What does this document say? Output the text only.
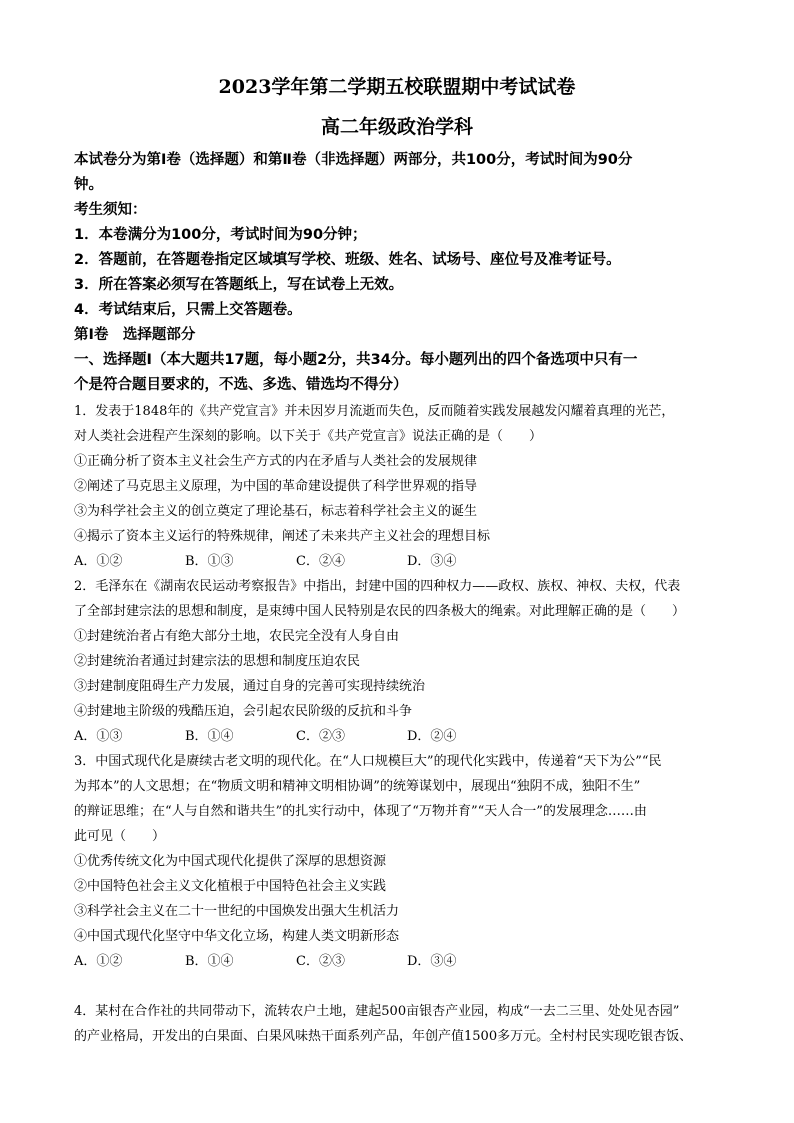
2023学年第二学期五校联盟期中考试试卷
高二年级政治学科
本试卷分为第Ⅰ卷（选择题）和第Ⅱ卷（非选择题）两部分，共100分，考试时间为90分
钟。
考生须知：
1．本卷满分为100分，考试时间为90分钟；
2．答题前，在答题卷指定区域填写学校、班级、姓名、试场号、座位号及准考证号。
3．所在答案必须写在答题纸上，写在试卷上无效。
4．考试结束后，只需上交答题卷。
第Ⅰ卷　选择题部分
一、选择题Ⅰ（本大题共17题，每小题2分，共34分。每小题列出的四个备选项中只有一
个是符合题目要求的，不选、多选、错选均不得分）
1．发表于1848年的《共产党宣言》并未因岁月流逝而失色，反而随着实践发展越发闪耀着真理的光芒，
对人类社会进程产生深刻的影响。以下关于《共产党宣言》说法正确的是（　　）
①正确分析了资本主义社会生产方式的内在矛盾与人类社会的发展规律
②阐述了马克思主义原理，为中国的革命建设提供了科学世界观的指导
③为科学社会主义的创立奠定了理论基石，标志着科学社会主义的诞生
④揭示了资本主义运行的特殊规律，阐述了未来共产主义社会的理想目标
A．①②	B．①③	C．②④	D．③④
2．毛泽东在《湖南农民运动考察报告》中指出，封建中国的四种权力——政权、族权、神权、夫权，代表
了全部封建宗法的思想和制度，是束缚中国人民特别是农民的四条极大的绳索。对此理解正确的是（　　）
①封建统治者占有绝大部分土地，农民完全没有人身自由
②封建统治者通过封建宗法的思想和制度压迫农民
③封建制度阻碍生产力发展，通过自身的完善可实现持续统治
④封建地主阶级的残酷压迫，会引起农民阶级的反抗和斗争
A．①③	B．①④	C．②③	D．②④
3．中国式现代化是赓续古老文明的现代化。在“人口规模巨大”的现代化实践中，传递着“天下为公”“民
为邦本”的人文思想；在“物质文明和精神文明相协调”的统筹谋划中，展现出“独阴不成，独阳不生”
的辩证思维；在“人与自然和谐共生”的扎实行动中，体现了“万物并育”“天人合一”的发展理念……由
此可见（　　）
①优秀传统文化为中国式现代化提供了深厚的思想资源
②中国特色社会主义文化植根于中国特色社会主义实践
③科学社会主义在二十一世纪的中国焕发出强大生机活力
④中国式现代化坚守中华文化立场，构建人类文明新形态
A．①②	B．①④	C．②③	D．③④
4．某村在合作社的共同带动下，流转农户土地，建起500亩银杏产业园，构成“一去二三里、处处见杏园”
的产业格局，开发出的白果面、白果风味热干面系列产品，年创产值1500多万元。全村村民实现吃银杏饭、
